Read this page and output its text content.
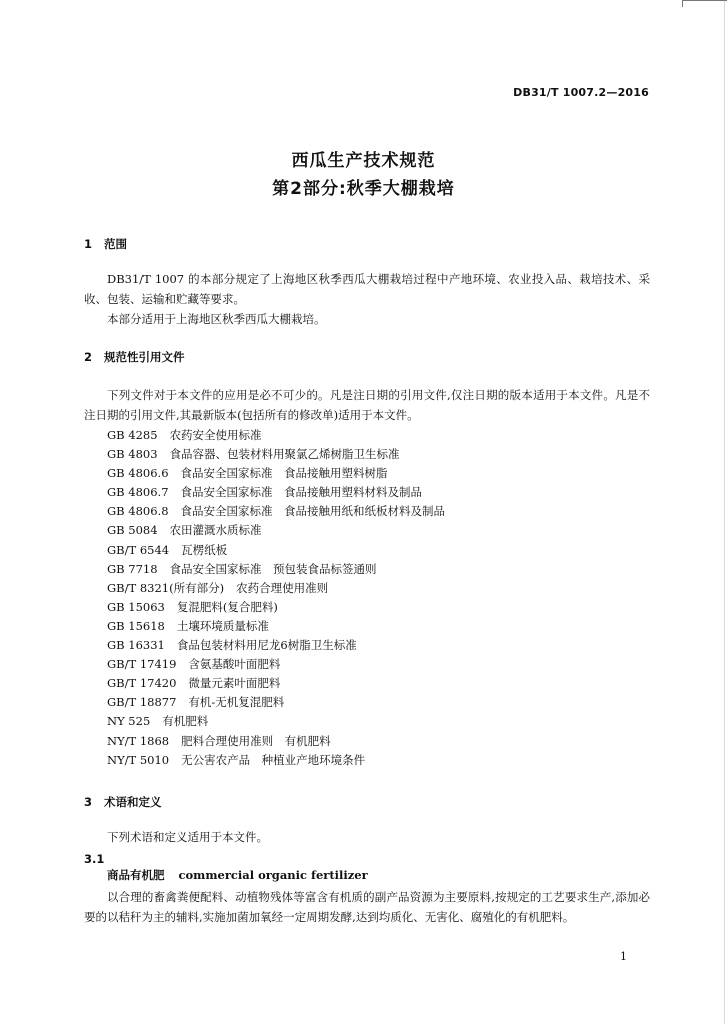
DB31/T 1007.2—2016
西瓜生产技术规范
第2部分:秋季大棚栽培
1 范围

DB31/T 1007 的本部分规定了上海地区秋季西瓜大棚栽培过程中产地环境、农业投入品、栽培技术、采收、包装、运输和贮藏等要求。

本部分适用于上海地区秋季西瓜大棚栽培。

2 规范性引用文件

下列文件对于本文件的应用是必不可少的。凡是注日期的引用文件,仅注日期的版本适用于本文件。凡是不注日期的引用文件,其最新版本(包括所有的修改单)适用于本文件。

GB 4285 农药安全使用标准
GB 4803 食品容器、包装材料用聚氯乙烯树脂卫生标准
GB 4806.6 食品安全国家标准　食品接触用塑料树脂
GB 4806.7 食品安全国家标准　食品接触用塑料材料及制品
GB 4806.8 食品安全国家标准　食品接触用纸和纸板材料及制品
GB 5084 农田灌溉水质标准
GB/T 6544 瓦楞纸板
GB 7718 食品安全国家标准　预包装食品标签通则
GB/T 8321(所有部分) 农药合理使用准则
GB 15063 复混肥料(复合肥料)
GB 15618 土壤环境质量标准
GB 16331 食品包装材料用尼龙6树脂卫生标准
GB/T 17419 含氨基酸叶面肥料
GB/T 17420 微量元素叶面肥料
GB/T 18877 有机-无机复混肥料
NY 525 有机肥料
NY/T 1868 肥料合理使用准则　有机肥料
NY/T 5010 无公害农产品　种植业产地环境条件
3 术语和定义

下列术语和定义适用于本文件。

3.1
商品有机肥 commercial organic fertilizer

以合理的畜禽粪便配料、动植物残体等富含有机质的副产品资源为主要原料,按规定的工艺要求生产,添加必要的以秸秆为主的辅料,实施加菌加氧经一定周期发酵,达到均质化、无害化、腐殖化的有机肥料。

1
